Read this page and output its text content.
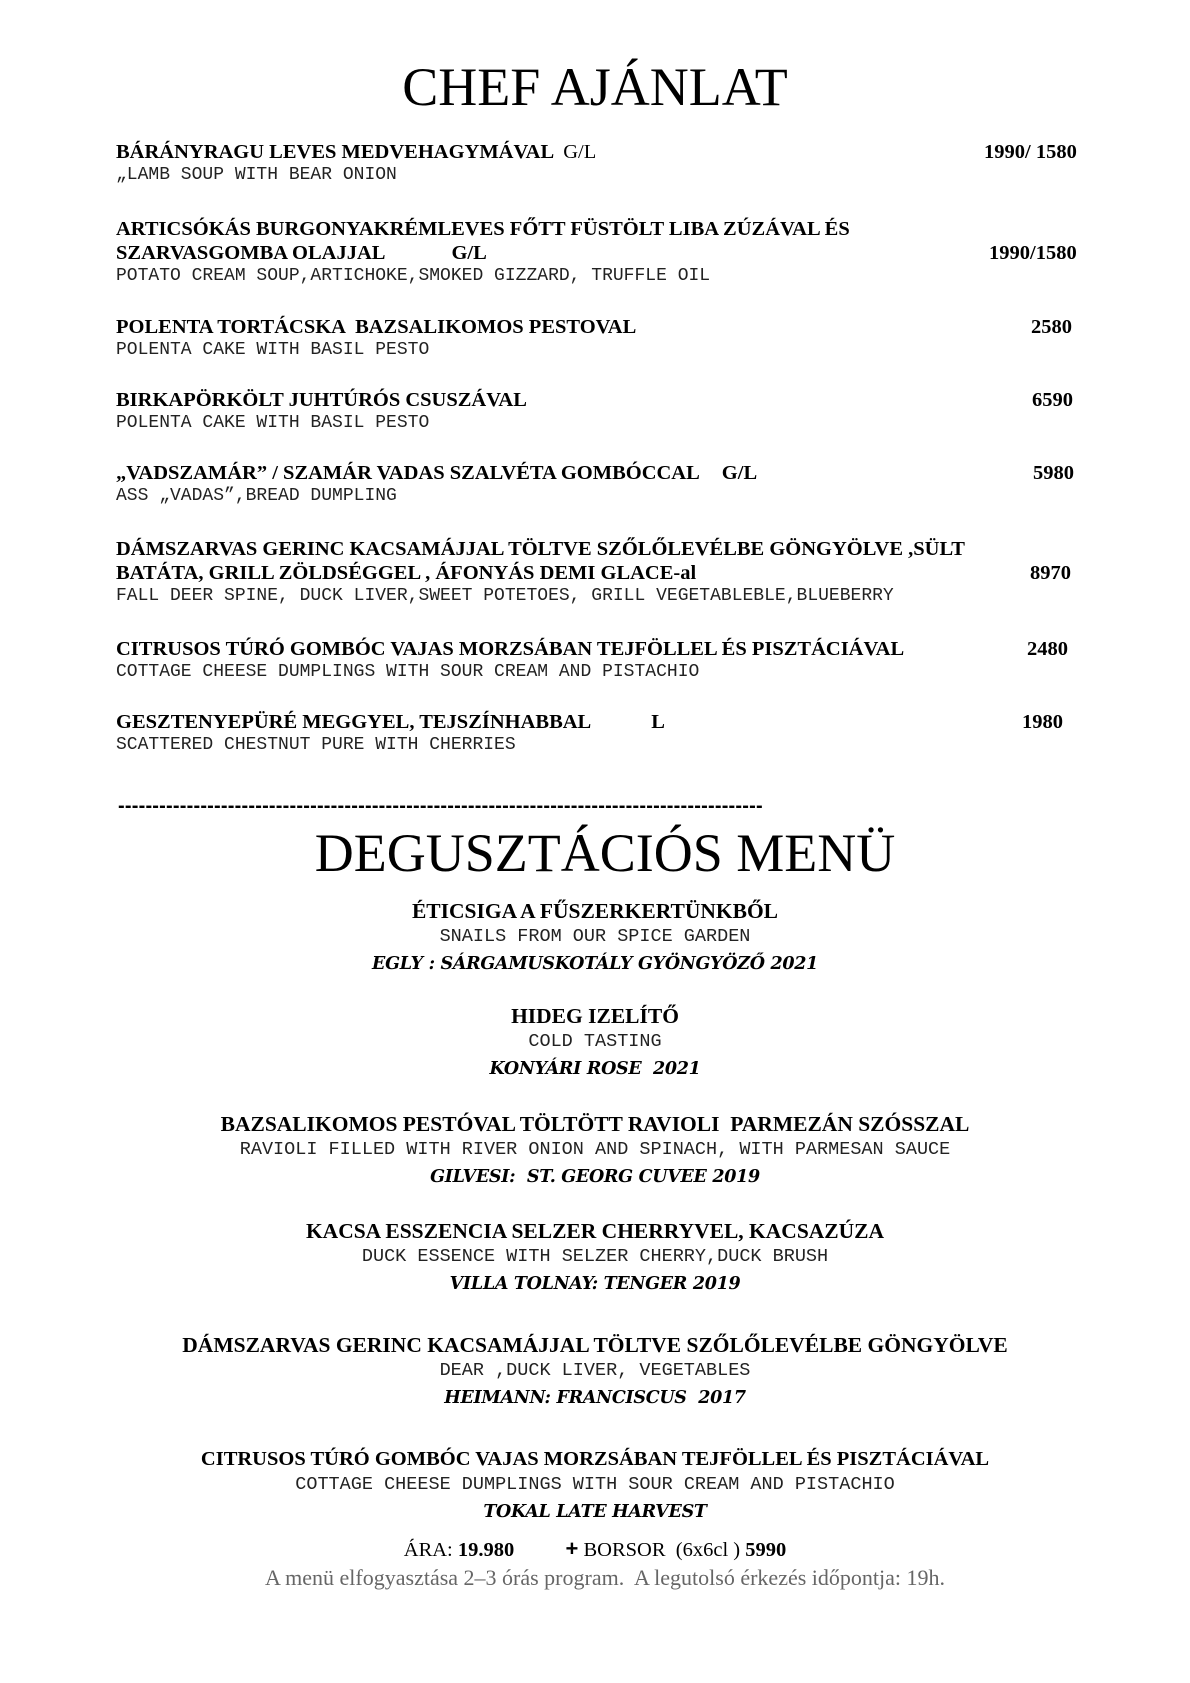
CHEF AJÁNLAT
BÁRÁNYRAGU LEVES MEDVEHAGYMÁVAL G/L	1990/ 1580
„LAMB SOUP WITH BEAR ONION
ARTICSÓKÁS BURGONYAKRÉMLEVES FŐTT FÜSTÖLT LIBA ZÚZÁVAL ÉS
SZARVASGOMBA OLAJJAL	G/L	1990/1580
POTATO CREAM SOUP,ARTICHOKE,SMOKED GIZZARD, TRUFFLE OIL
POLENTA TORTÁCSKA  BAZSALIKOMOS PESTOVAL	2580
POLENTA CAKE WITH BASIL PESTO
BIRKAPÖRKÖLT JUHTÚRÓS CSUSZÁVAL	6590
POLENTA CAKE WITH BASIL PESTO
„VADSZAMÁR” / SZAMÁR VADAS SZALVÉTA GOMBÓCCAL G/L	5980
ASS „VADAS”,BREAD DUMPLING
DÁMSZARVAS GERINC KACSAMÁJJAL TÖLTVE SZŐLŐLEVÉLBE GÖNGYÖLVE ,SÜLT
BATÁTA, GRILL ZÖLDSÉGGEL , ÁFONYÁS DEMI GLACE-al	8970
FALL DEER SPINE, DUCK LIVER,SWEET POTETOES, GRILL VEGETABLEBLE,BLUEBERRY
CITRUSOS TÚRÓ GOMBÓC VAJAS MORZSÁBAN TEJFÖLLEL ÉS PISZTÁCIÁVAL	2480
COTTAGE CHEESE DUMPLINGS WITH SOUR CREAM AND PISTACHIO
GESZTENYEPÜRÉ MEGGYEL, TEJSZÍNHABBAL	L	1980
SCATTERED CHESTNUT PURE WITH CHERRIES
----------------------------------------------------------------------------------------------
DEGUSZTÁCIÓS MENÜ
ÉTICSIGA A FŰSZERKERTÜNKBŐL
SNAILS FROM OUR SPICE GARDEN
EGLY : SÁRGAMUSKOTÁLY GYÖNGYÖZŐ 2021
HIDEG IZELÍTŐ
COLD TASTING
KONYÁRI ROSE  2021
BAZSALIKOMOS PESTÓVAL TÖLTÖTT RAVIOLI  PARMEZÁN SZÓSSZAL
RAVIOLI FILLED WITH RIVER ONION AND SPINACH, WITH PARMESAN SAUCE
GILVESI:  ST. GEORG CUVEE 2019
KACSA ESSZENCIA SELZER CHERRYVEL, KACSAZÚZA
DUCK ESSENCE WITH SELZER CHERRY,DUCK BRUSH
VILLA TOLNAY: TENGER 2019
DÁMSZARVAS GERINC KACSAMÁJJAL TÖLTVE SZŐLŐLEVÉLBE GÖNGYÖLVE
DEAR ,DUCK LIVER, VEGETABLES
HEIMANN: FRANCISCUS  2017
CITRUSOS TÚRÓ GOMBÓC VAJAS MORZSÁBAN TEJFÖLLEL ÉS PISZTÁCIÁVAL
COTTAGE CHEESE DUMPLINGS WITH SOUR CREAM AND PISTACHIO
TOKAL LATE HARVEST
ÁRA: 19.980 + BORSOR  (6x6cl ) 5990
A menü elfogyasztása 2–3 órás program.  A legutolsó érkezés időpontja: 19h.
